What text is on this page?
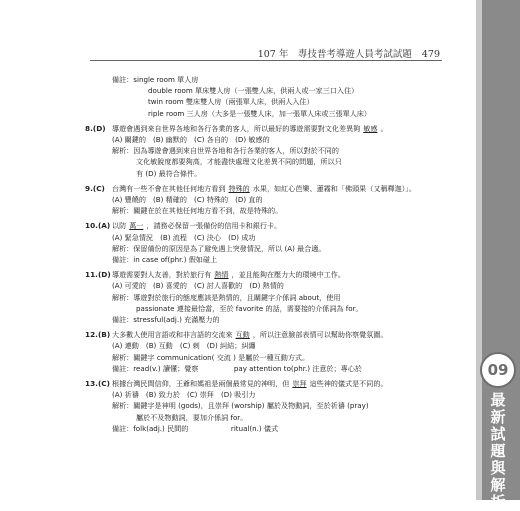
107 年　專技普考導遊人員考試試題 479
備註：single room 單人房
double room 單床雙人房（一張雙人床，供兩人或一家三口入住）
twin room 雙床雙人房（兩張單人床，供兩人入住）
riple room 三人房（大多是一張雙人床，加一張單人床或三張單人床）
8.(D) 導遊會遇到來自世界各地和各行各業的客人，所以最好的導遊需要對文化差異夠 敏感 。
(A) 關鍵的　(B) 幽默的　(C) 各自的　(D) 敏感的
解析：因為導遊會遇到來自世界各地和各行各業的客人，所以對於不同的
文化敏銳度都要夠高，才能盡快處理文化差異不同的問題，所以只
有 (D) 最符合條件。
9.(C) 台灣有一些不會在其他任何地方看到 特殊的 水果，如紅心芭樂、蓮霧和「佛頭果（又稱釋迦）」。
(A) 豐饒的　(B) 精確的　(C) 特殊的　(D) 直的
解析：關鍵在於在其他任何地方看不到，故是特殊的。
10.(A) 以防 萬一 ，請務必保留一張備份的信用卡和銀行卡。
(A) 緊急情況　(B) 流程　(C) 決心　(D) 成功
解析：保留備份的原因是為了避免遇上突發情況，所以 (A) 最合適。
備註：in case of(phr.) 假如碰上
11.(D) 導遊需要對人友善，對於旅行有 熱情 ，並且能夠在壓力大的環境中工作。
(A) 可愛的　(B) 喜愛的　(C) 討人喜歡的　(D) 熱情的
解析：導遊對於旅行的態度應該是熱情的，且關鍵字介係詞 about，使用
passionate 連接最恰當，至於 favorite 的話，需要接的介係詞為 for。
備註：stressful(adj.) 充滿壓力的
12.(B) 大多數人使用言語或和非言語的交流來 互動 ，所以注意臉部表情可以幫助你察覺氛圍。
(A) 連動　(B) 互動　(C) 刺　(D) 糾結；糾纏
解析：關鍵字 communication( 交流 ) 是屬於一種互動方式。
備註：read(v.) 讀懂；覺察　　　　　pay attention to(phr.) 注意於；專心於
13.(C) 根據台灣民間信仰，王爺和媽祖是兩個最常見的神明，但 崇拜 這些神的儀式是不同的。
(A) 祈禱　(B) 致力於　(C) 崇拜　(D) 吸引力
解析：關鍵字是神明 (gods)，且崇拜 (worship) 屬於及物動詞，至於祈禱 (pray)
屬於不及物動詞，要加介係詞 for。
備註：folk(adj.) 民間的　　　　　　ritual(n.) 儀式
09
最新試題與解析
